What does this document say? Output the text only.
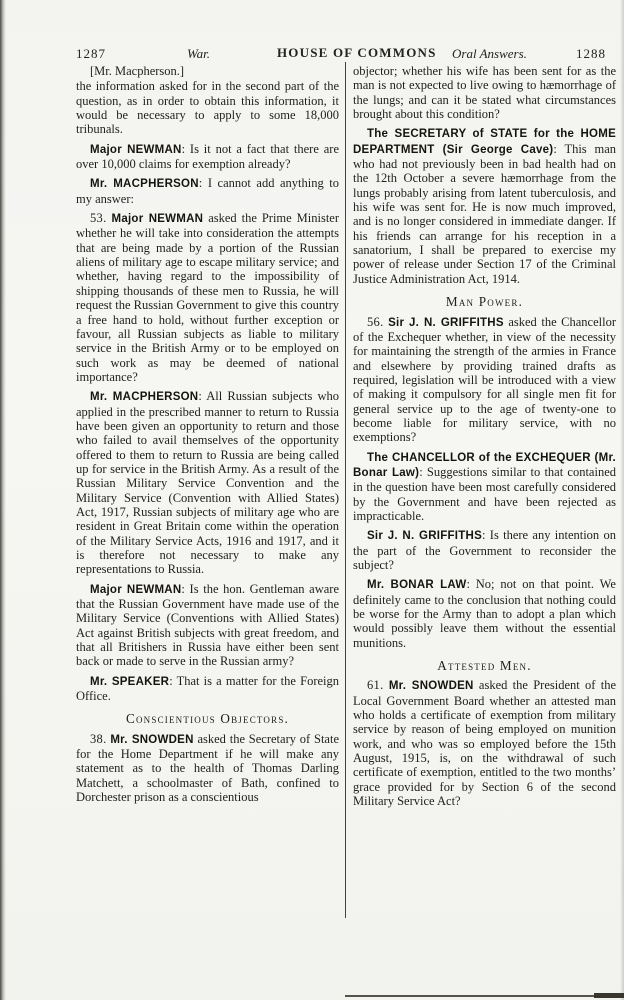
1287	War.	HOUSE OF COMMONS Oral Answers.	1288

[Mr. Macpherson.]

the information asked for in the second part of the question, as in order to obtain this information, it would be necessary to apply to some 18,000 tribunals.

Major NEWMAN: Is it not a fact that there are over 10,000 claims for exemption already?

Mr. MACPHERSON: I cannot add anything to my answer:

53. Major NEWMAN asked the Prime Minister whether he will take into consideration the attempts that are being made by a portion of the Russian aliens of military age to escape military service; and whether, having regard to the impossibility of shipping thousands of these men to Russia, he will request the Russian Government to give this country a free hand to hold, without further exception or favour, all Russian subjects as liable to military service in the British Army or to be employed on such work as may be deemed of national importance?

Mr. MACPHERSON: All Russian subjects who applied in the prescribed manner to return to Russia have been given an opportunity to return and those who failed to avail themselves of the opportunity offered to them to return to Russia are being called up for service in the British Army. As a result of the Russian Military Service Convention and the Military Service (Convention with Allied States) Act, 1917, Russian subjects of military age who are resident in Great Britain come within the operation of the Military Service Acts, 1916 and 1917, and it is therefore not necessary to make any representations to Russia.

Major NEWMAN: Is the hon. Gentleman aware that the Russian Government have made use of the Military Service (Conventions with Allied States) Act against British subjects with great freedom, and that all Britishers in Russia have either been sent back or made to serve in the Russian army?

Mr. SPEAKER: That is a matter for the Foreign Office.

Conscientious Objectors.

38. Mr. SNOWDEN asked the Secretary of State for the Home Department if he will make any statement as to the health of Thomas Darling Matchett, a schoolmaster of Bath, confined to Dorchester prison as a conscientious

objector; whether his wife has been sent for as the man is not expected to live owing to hæmorrhage of the lungs; and can it be stated what circumstances brought about this condition?

The SECRETARY of STATE for the HOME DEPARTMENT (Sir George Cave): This man who had not previously been in bad health had on the 12th October a severe hæmorrhage from the lungs probably arising from latent tuberculosis, and his wife was sent for. He is now much improved, and is no longer considered in immediate danger. If his friends can arrange for his reception in a sanatorium, I shall be prepared to exercise my power of release under Section 17 of the Criminal Justice Administration Act, 1914.

Man Power.

56. Sir J. N. GRIFFITHS asked the Chancellor of the Exchequer whether, in view of the necessity for maintaining the strength of the armies in France and elsewhere by providing trained drafts as required, legislation will be introduced with a view of making it compulsory for all single men fit for general service up to the age of twenty-one to become liable for military service, with no exemptions?

The CHANCELLOR of the EXCHEQUER (Mr. Bonar Law): Suggestions similar to that contained in the question have been most carefully considered by the Government and have been rejected as impracticable.

Sir J. N. GRIFFITHS: Is there any intention on the part of the Government to reconsider the subject?

Mr. BONAR LAW: No; not on that point. We definitely came to the conclusion that nothing could be worse for the Army than to adopt a plan which would possibly leave them without the essential munitions.

Attested Men.

61. Mr. SNOWDEN asked the President of the Local Government Board whether an attested man who holds a certificate of exemption from military service by reason of being employed on munition work, and who was so employed before the 15th August, 1915, is, on the withdrawal of such certificate of exemption, entitled to the two months’ grace provided for by Section 6 of the second Military Service Act?
